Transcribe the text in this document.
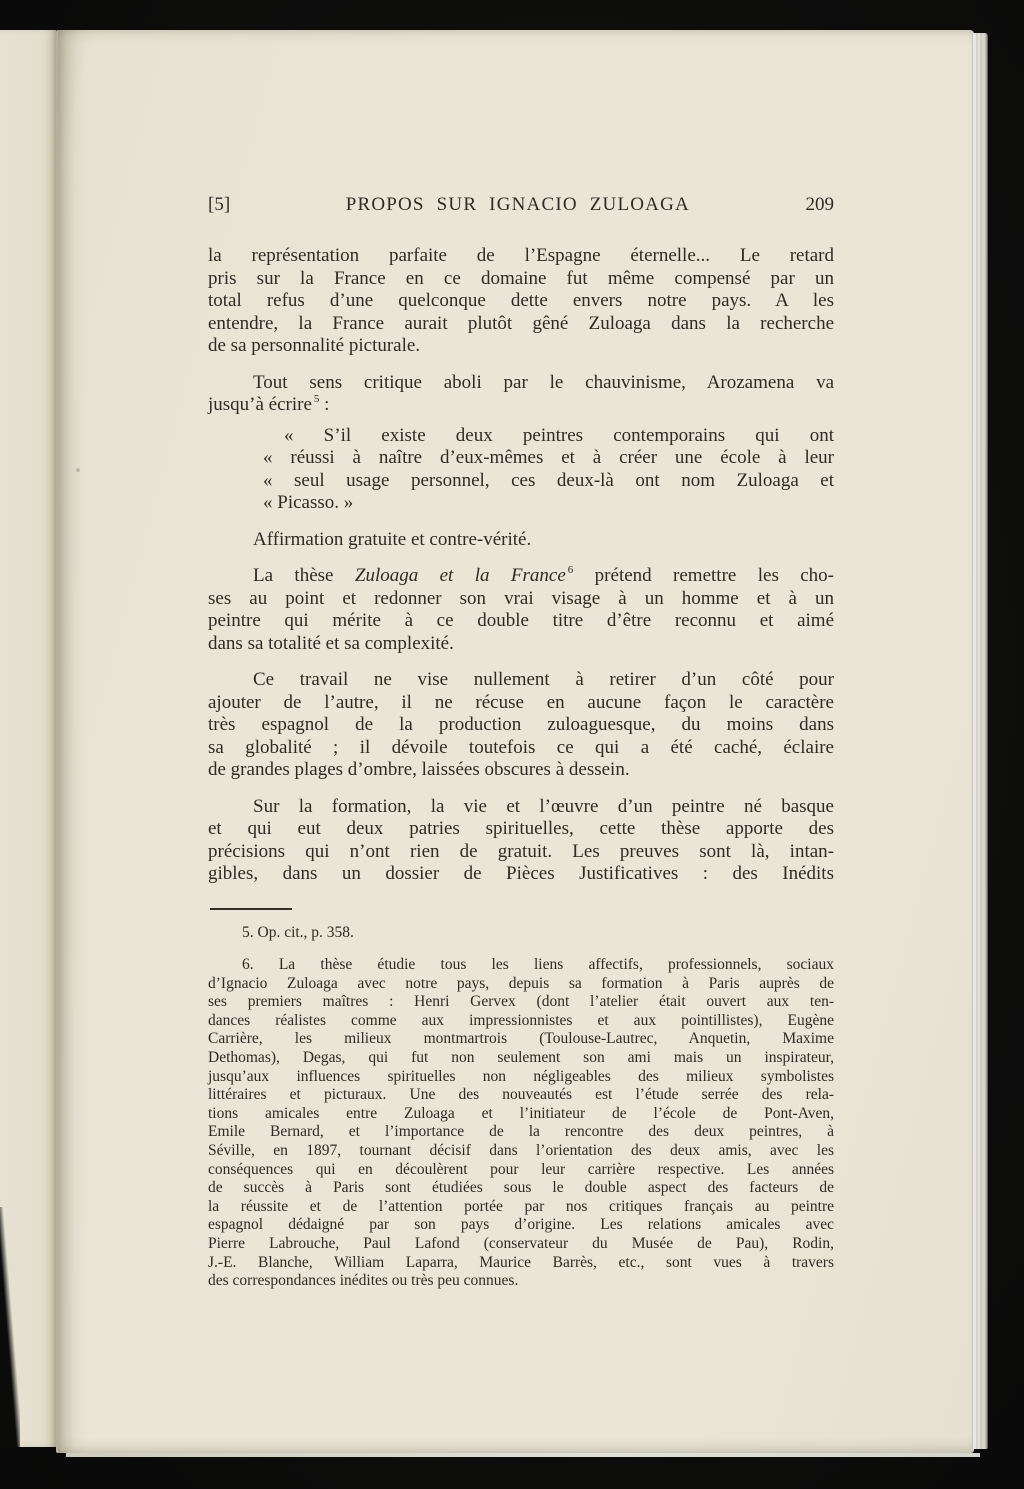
[5]	PROPOS SUR IGNACIO ZULOAGA	209
la représentation parfaite de l’Espagne éternelle... Le retard
pris sur la France en ce domaine fut même compensé par un
total refus d’une quelconque dette envers notre pays. A les
entendre, la France aurait plutôt gêné Zuloaga dans la recherche
de sa personnalité picturale.
Tout sens critique aboli par le chauvinisme, Arozamena va
jusqu’à écrire $^5$ :
« S’il existe deux peintres contemporains qui ont
« réussi à naître d’eux-mêmes et à créer une école à leur
« seul usage personnel, ces deux-là ont nom Zuloaga et
« Picasso. »
Affirmation gratuite et contre-vérité.
La thèse Zuloaga et la France $^6$ prétend remettre les cho-
ses au point et redonner son vrai visage à un homme et à un
peintre qui mérite à ce double titre d’être reconnu et aimé
dans sa totalité et sa complexité.
Ce travail ne vise nullement à retirer d’un côté pour
ajouter de l’autre, il ne récuse en aucune façon le caractère
très espagnol de la production zuloaguesque, du moins dans
sa globalité ; il dévoile toutefois ce qui a été caché, éclaire
de grandes plages d’ombre, laissées obscures à dessein.
Sur la formation, la vie et l’œuvre d’un peintre né basque
et qui eut deux patries spirituelles, cette thèse apporte des
précisions qui n’ont rien de gratuit. Les preuves sont là, intan-
gibles, dans un dossier de Pièces Justificatives : des Inédits
5. Op. cit., p. 358.
6. La thèse étudie tous les liens affectifs, professionnels, sociaux
d’Ignacio Zuloaga avec notre pays, depuis sa formation à Paris auprès de
ses premiers maîtres : Henri Gervex (dont l’atelier était ouvert aux ten-
dances réalistes comme aux impressionnistes et aux pointillistes), Eugène
Carrière, les milieux montmartrois (Toulouse-Lautrec, Anquetin, Maxime
Dethomas), Degas, qui fut non seulement son ami mais un inspirateur,
jusqu’aux influences spirituelles non négligeables des milieux symbolistes
littéraires et picturaux. Une des nouveautés est l’étude serrée des rela-
tions amicales entre Zuloaga et l’initiateur de l’école de Pont-Aven,
Emile Bernard, et l’importance de la rencontre des deux peintres, à
Séville, en 1897, tournant décisif dans l’orientation des deux amis, avec les
conséquences qui en découlèrent pour leur carrière respective. Les années
de succès à Paris sont étudiées sous le double aspect des facteurs de
la réussite et de l’attention portée par nos critiques français au peintre
espagnol dédaigné par son pays d’origine. Les relations amicales avec
Pierre Labrouche, Paul Lafond (conservateur du Musée de Pau), Rodin,
J.-E. Blanche, William Laparra, Maurice Barrès, etc., sont vues à travers
des correspondances inédites ou très peu connues.
